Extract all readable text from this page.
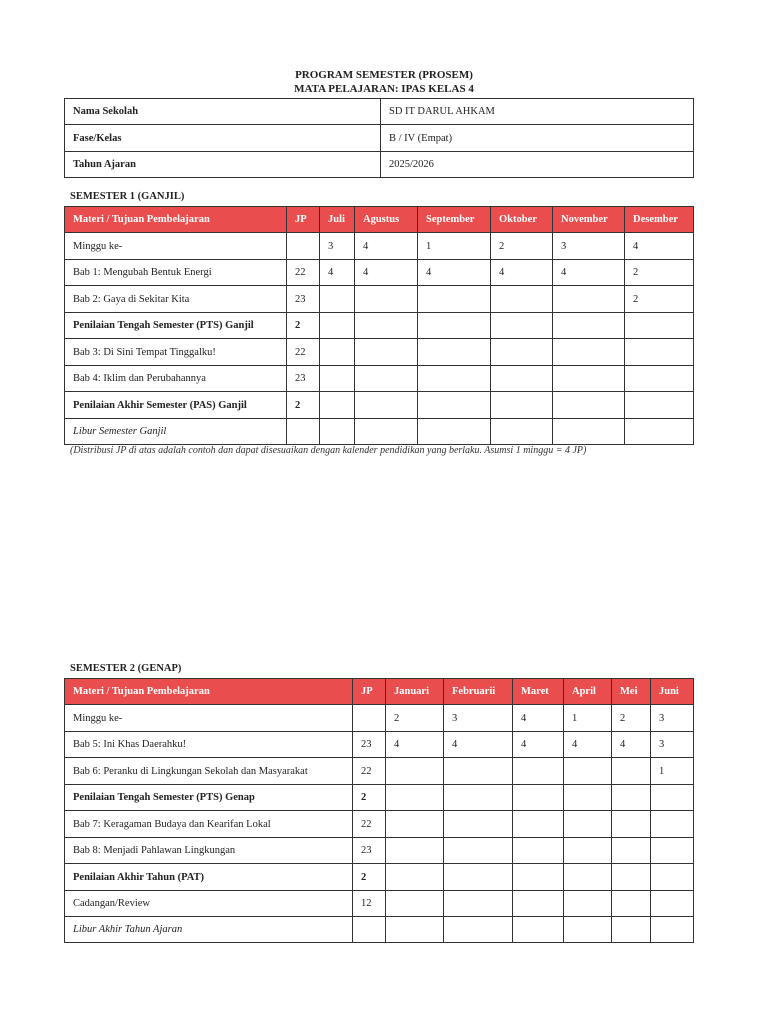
PROGRAM SEMESTER (PROSEM)
MATA PELAJARAN: IPAS KELAS 4
Nama Sekolah	SD IT DARUL AHKAM
Fase/Kelas	B / IV (Empat)
Tahun Ajaran	2025/2026
SEMESTER 1 (GANJIL)
Materi / Tujuan Pembelajaran	JP	Juli	Agustus	September	Oktober	November	Desember
Minggu ke-		3	4	1	2	3	4
Bab 1: Mengubah Bentuk Energi	22	4	4	4	4	4	2
Bab 2: Gaya di Sekitar Kita	23						2
Penilaian Tengah Semester (PTS) Ganjil	2						
Bab 3: Di Sini Tempat Tinggalku!	22						
Bab 4: Iklim dan Perubahannya	23						
Penilaian Akhir Semester (PAS) Ganjil	2						
Libur Semester Ganjil							
(Distribusi JP di atas adalah contoh dan dapat disesuaikan dengan kalender pendidikan yang berlaku. Asumsi 1 minggu = 4 JP)
SEMESTER 2 (GENAP)
Materi / Tujuan Pembelajaran	JP	Januari	Februarii	Maret	April	Mei	Juni
Minggu ke-		2	3	4	1	2	3
Bab 5: Ini Khas Daerahku!	23	4	4	4	4	4	3
Bab 6: Peranku di Lingkungan Sekolah dan Masyarakat	22						1
Penilaian Tengah Semester (PTS) Genap	2						
Bab 7: Keragaman Budaya dan Kearifan Lokal	22						
Bab 8: Menjadi Pahlawan Lingkungan	23						
Penilaian Akhir Tahun (PAT)	2						
Cadangan/Review	12						
Libur Akhir Tahun Ajaran							
